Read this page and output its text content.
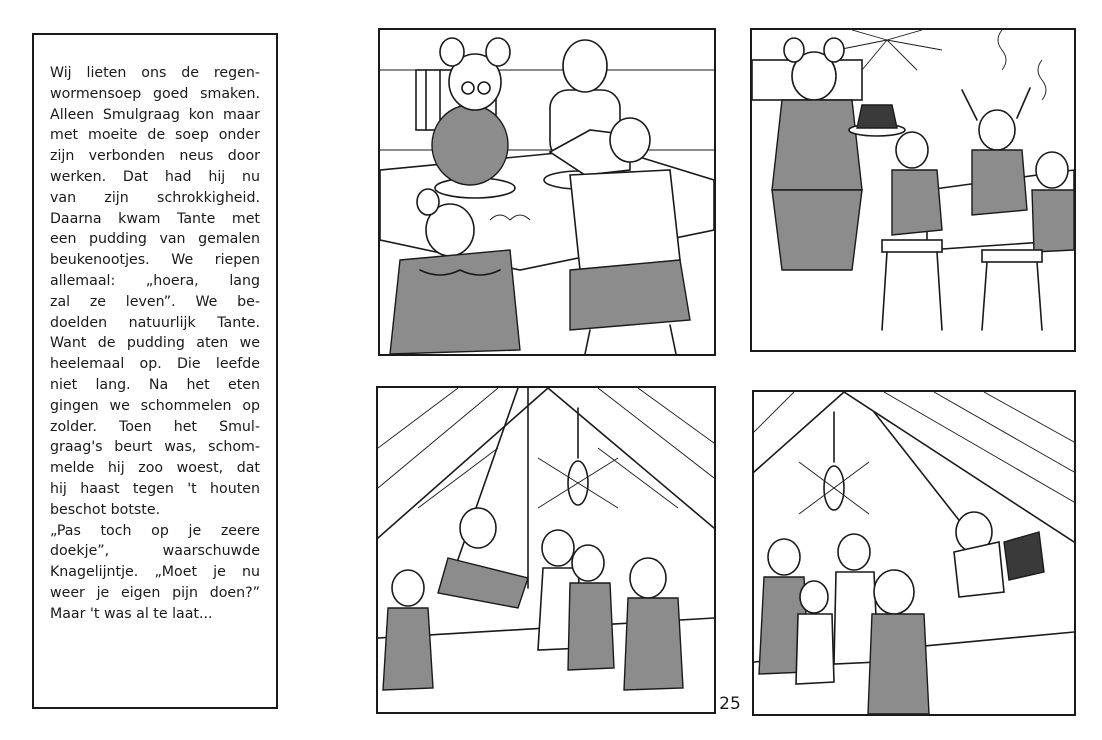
Wij lieten ons de regen-
wormensoep goed smaken.
Alleen Smulgraag kon maar
met moeite de soep onder
zijn verbonden neus door
werken. Dat had hij nu
van zijn schrokkigheid.
Daarna kwam Tante met
een pudding van gemalen
beukenootjes. We riepen
allemaal: „hoera, lang
zal ze leven”. We be-
doelden natuurlijk Tante.
Want de pudding aten we
heelemaal op. Die leefde
niet lang. Na het eten
gingen we schommelen op
zolder. Toen het Smul-
graag's beurt was, schom-
melde hij zoo woest, dat
hij haast tegen 't houten
beschot botste.
„Pas toch op je zeere
doekje”, waarschuwde
Knagelijntje. „Moet je nu
weer je eigen pijn doen?”
Maar 't was al te laat...
25
